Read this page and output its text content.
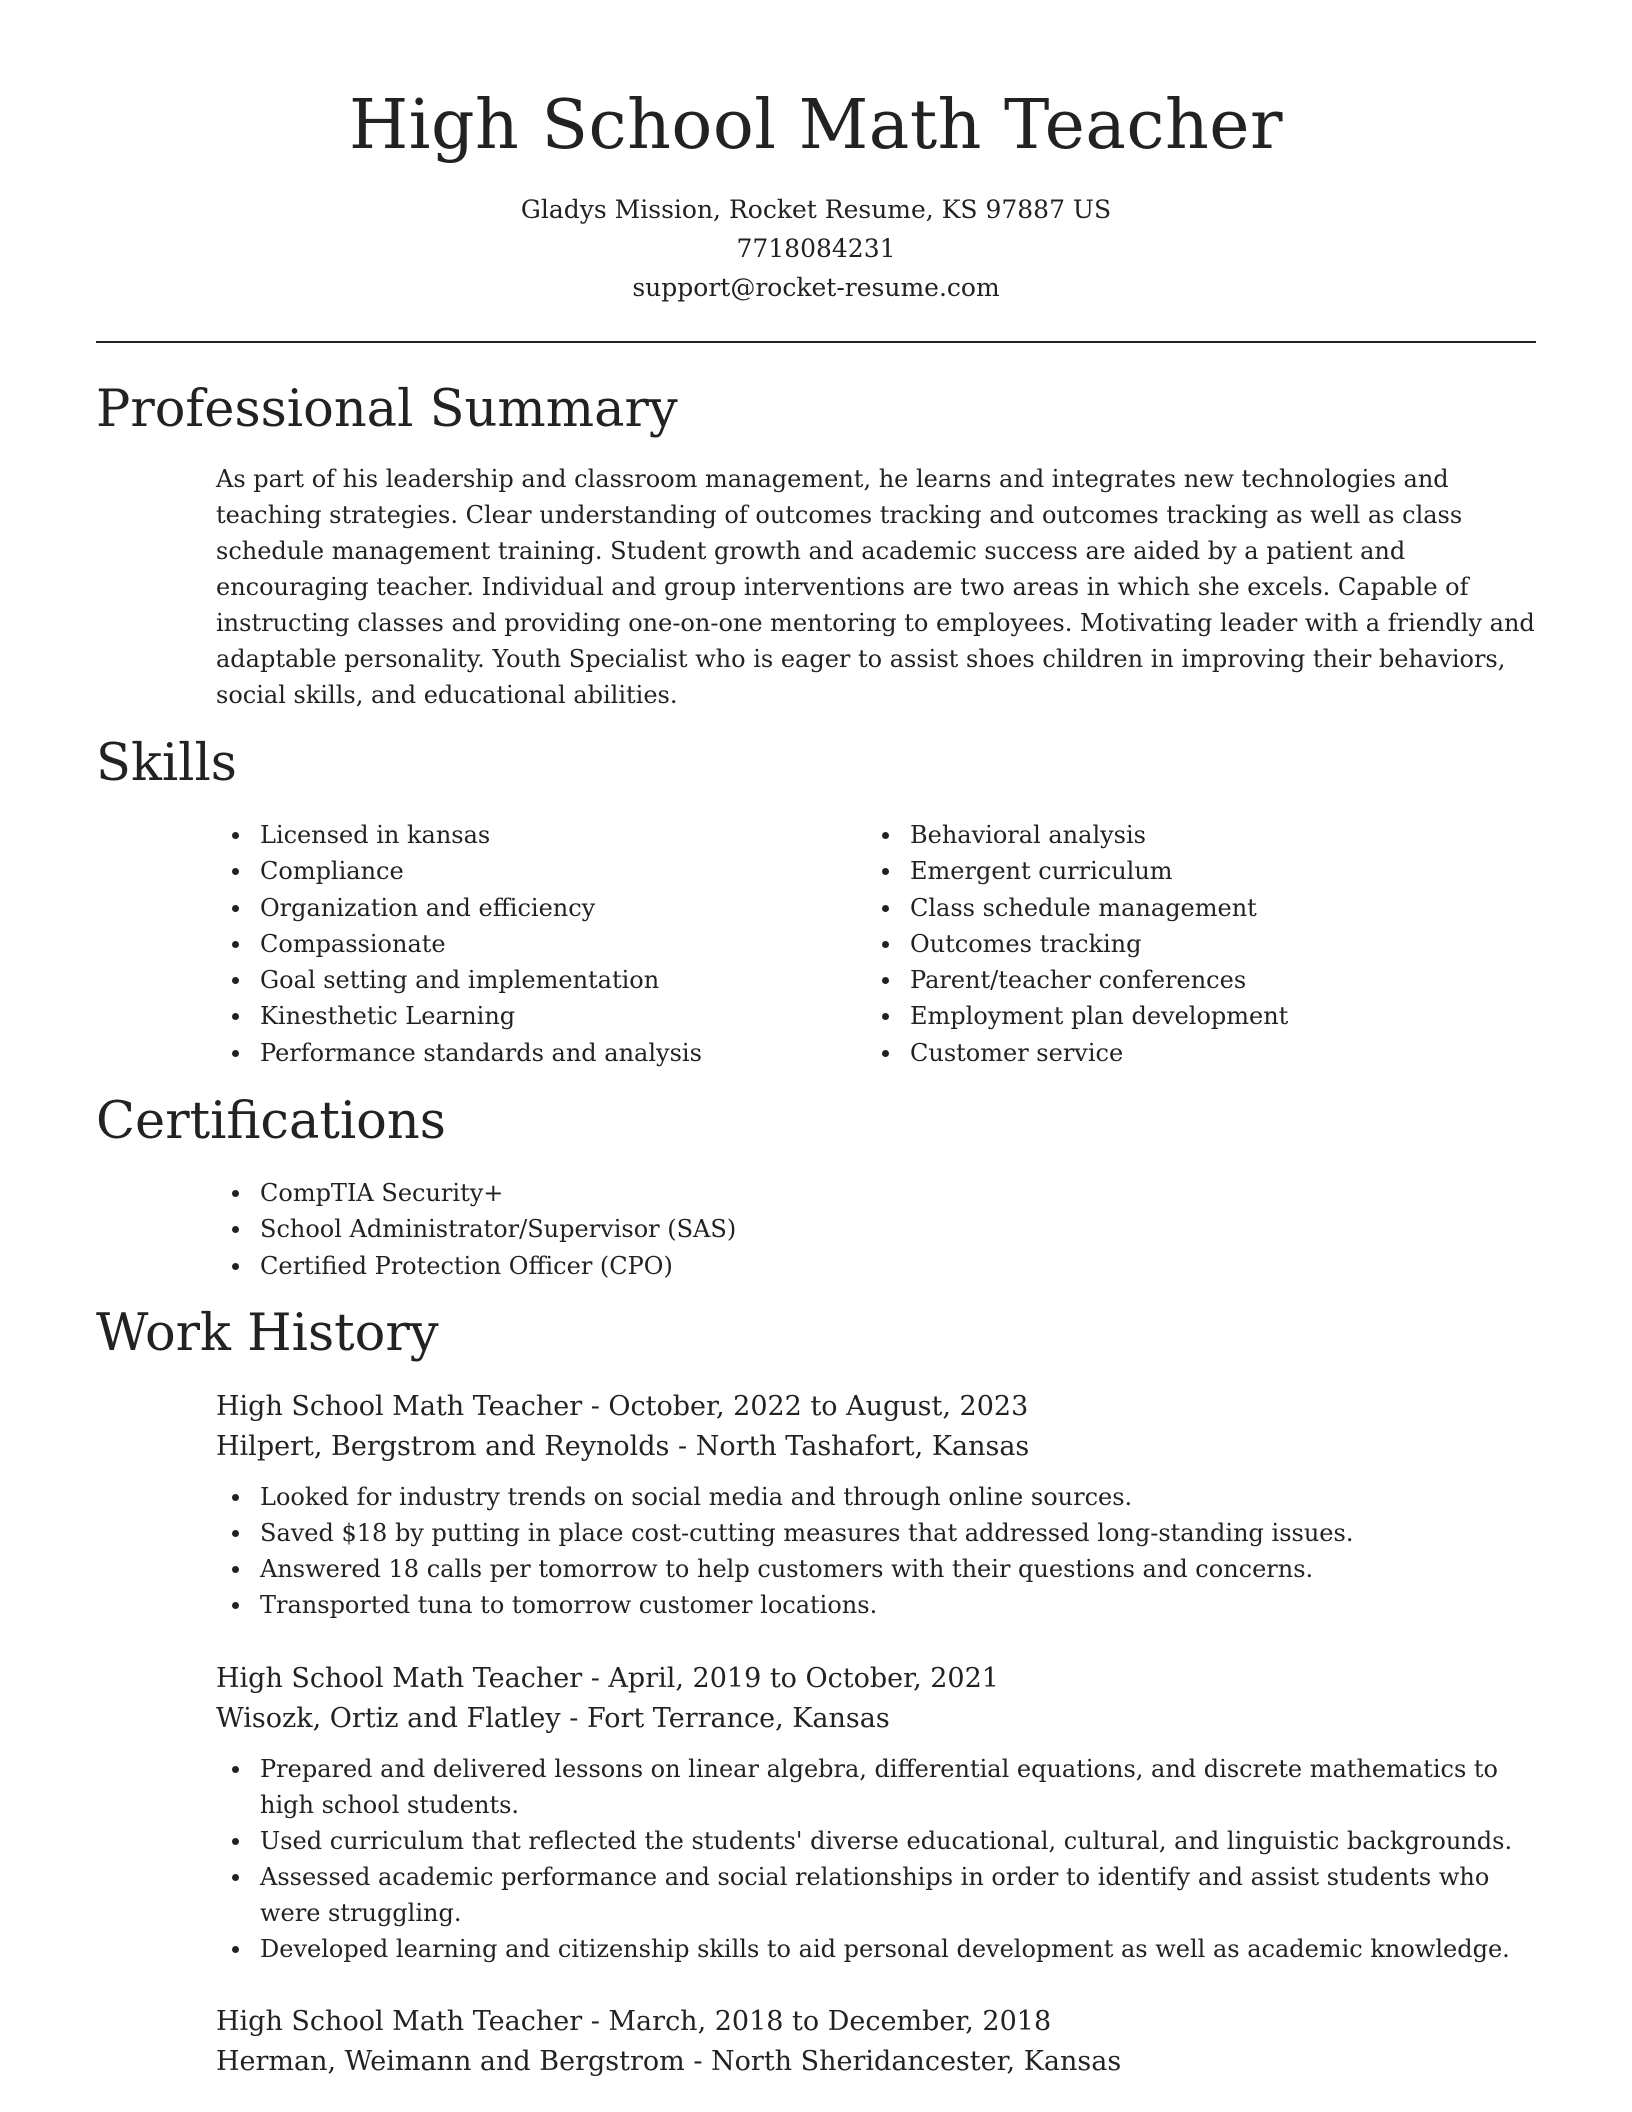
High School Math Teacher
Gladys Mission, Rocket Resume, KS 97887 US
7718084231
support@rocket-resume.com
Professional Summary

As part of his leadership and classroom management, he learns and integrates new technologies and teaching strategies. Clear understanding of outcomes tracking and outcomes tracking as well as class schedule management training. Student growth and academic success are aided by a patient and encouraging teacher. Individual and group interventions are two areas in which she excels. Capable of instructing classes and providing one-on-one mentoring to employees. Motivating leader with a friendly and adaptable personality. Youth Specialist who is eager to assist shoes children in improving their behaviors, social skills, and educational abilities.

Skills
Licensed in kansas
Compliance
Organization and efficiency
Compassionate
Goal setting and implementation
Kinesthetic Learning
Performance standards and analysis
Behavioral analysis
Emergent curriculum
Class schedule management
Outcomes tracking
Parent/teacher conferences
Employment plan development
Customer service
Certifications
CompTIA Security+
School Administrator/Supervisor (SAS)
Certified Protection Officer (CPO)
Work History
High School Math Teacher - October, 2022 to August, 2023
Hilpert, Bergstrom and Reynolds - North Tashafort, Kansas
Looked for industry trends on social media and through online sources.
Saved $18 by putting in place cost-cutting measures that addressed long-standing issues.
Answered 18 calls per tomorrow to help customers with their questions and concerns.
Transported tuna to tomorrow customer locations.
High School Math Teacher - April, 2019 to October, 2021
Wisozk, Ortiz and Flatley - Fort Terrance, Kansas
Prepared and delivered lessons on linear algebra, differential equations, and discrete mathematics to high school students.
Used curriculum that reflected the students' diverse educational, cultural, and linguistic backgrounds.
Assessed academic performance and social relationships in order to identify and assist students who were struggling.
Developed learning and citizenship skills to aid personal development as well as academic knowledge.
High School Math Teacher - March, 2018 to December, 2018
Herman, Weimann and Bergstrom - North Sheridancester, Kansas
